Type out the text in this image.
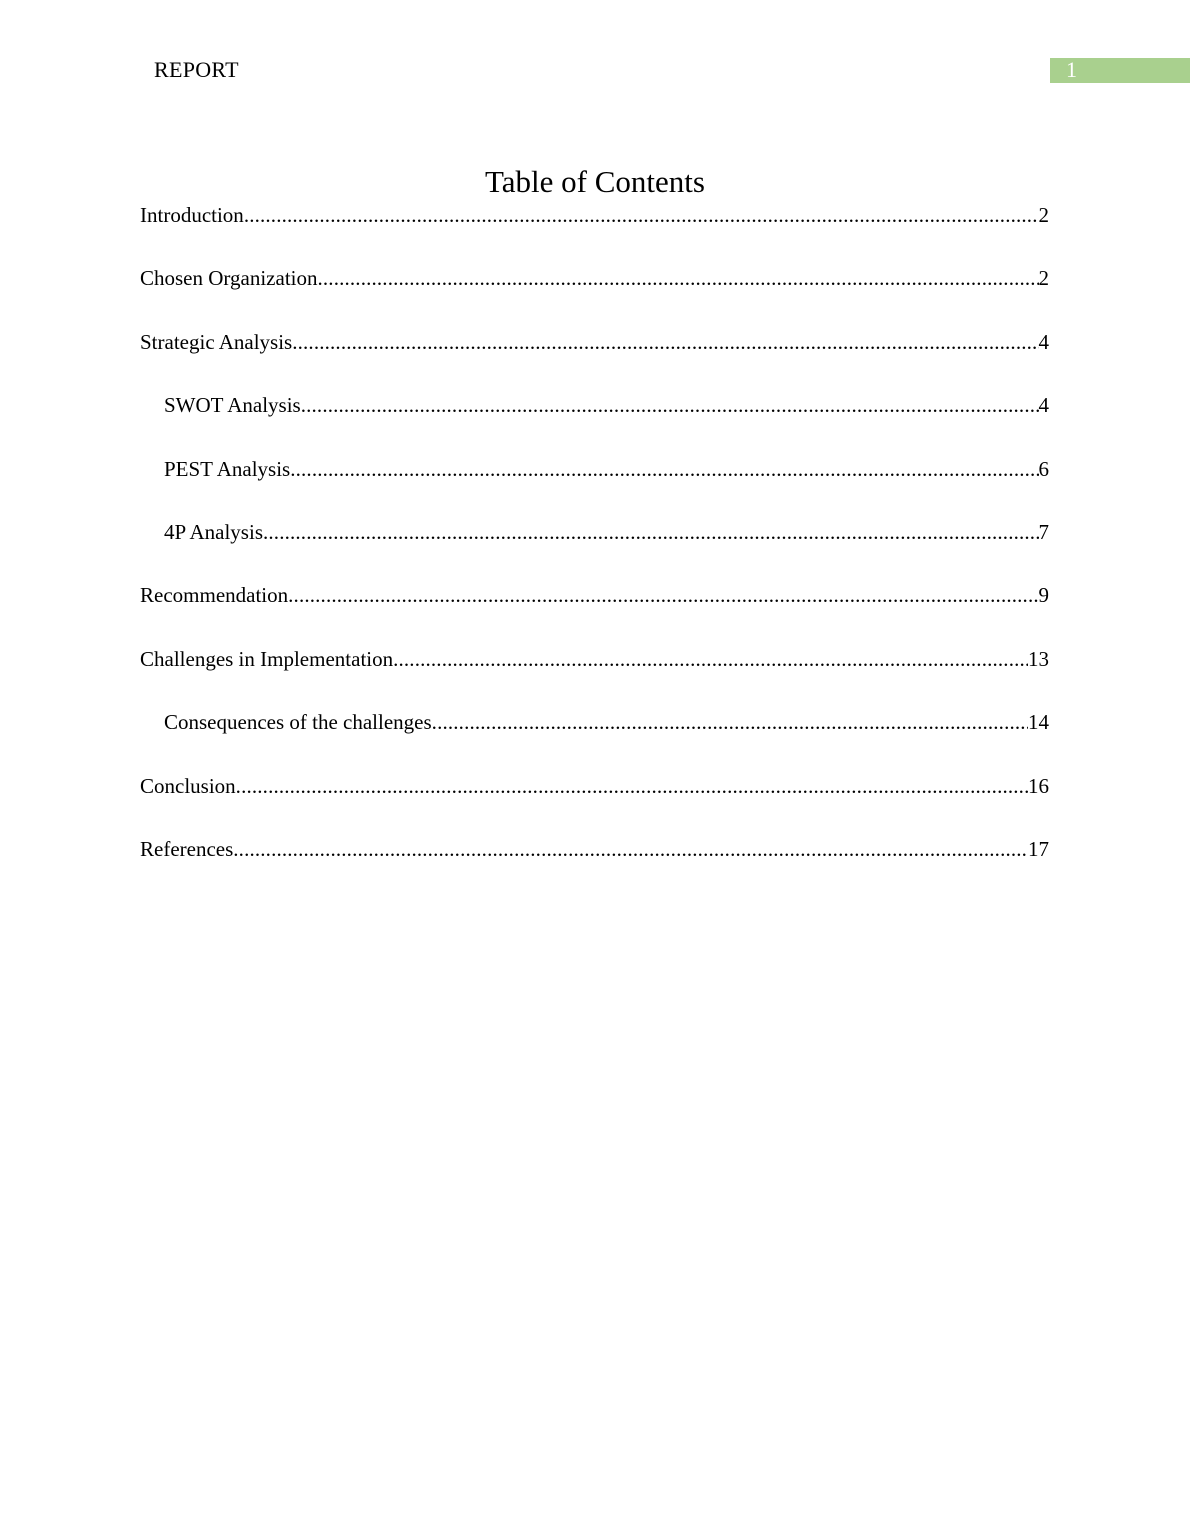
REPORT	1
Table of Contents
Introduction .....	2
Chosen Organization .....	2
Strategic Analysis .....	4
SWOT Analysis .....	4
PEST Analysis .....	6
4P Analysis .....	7
Recommendation .....	9
Challenges in Implementation .....	13
Consequences of the challenges .....	14
Conclusion .....	16
References .....	17
